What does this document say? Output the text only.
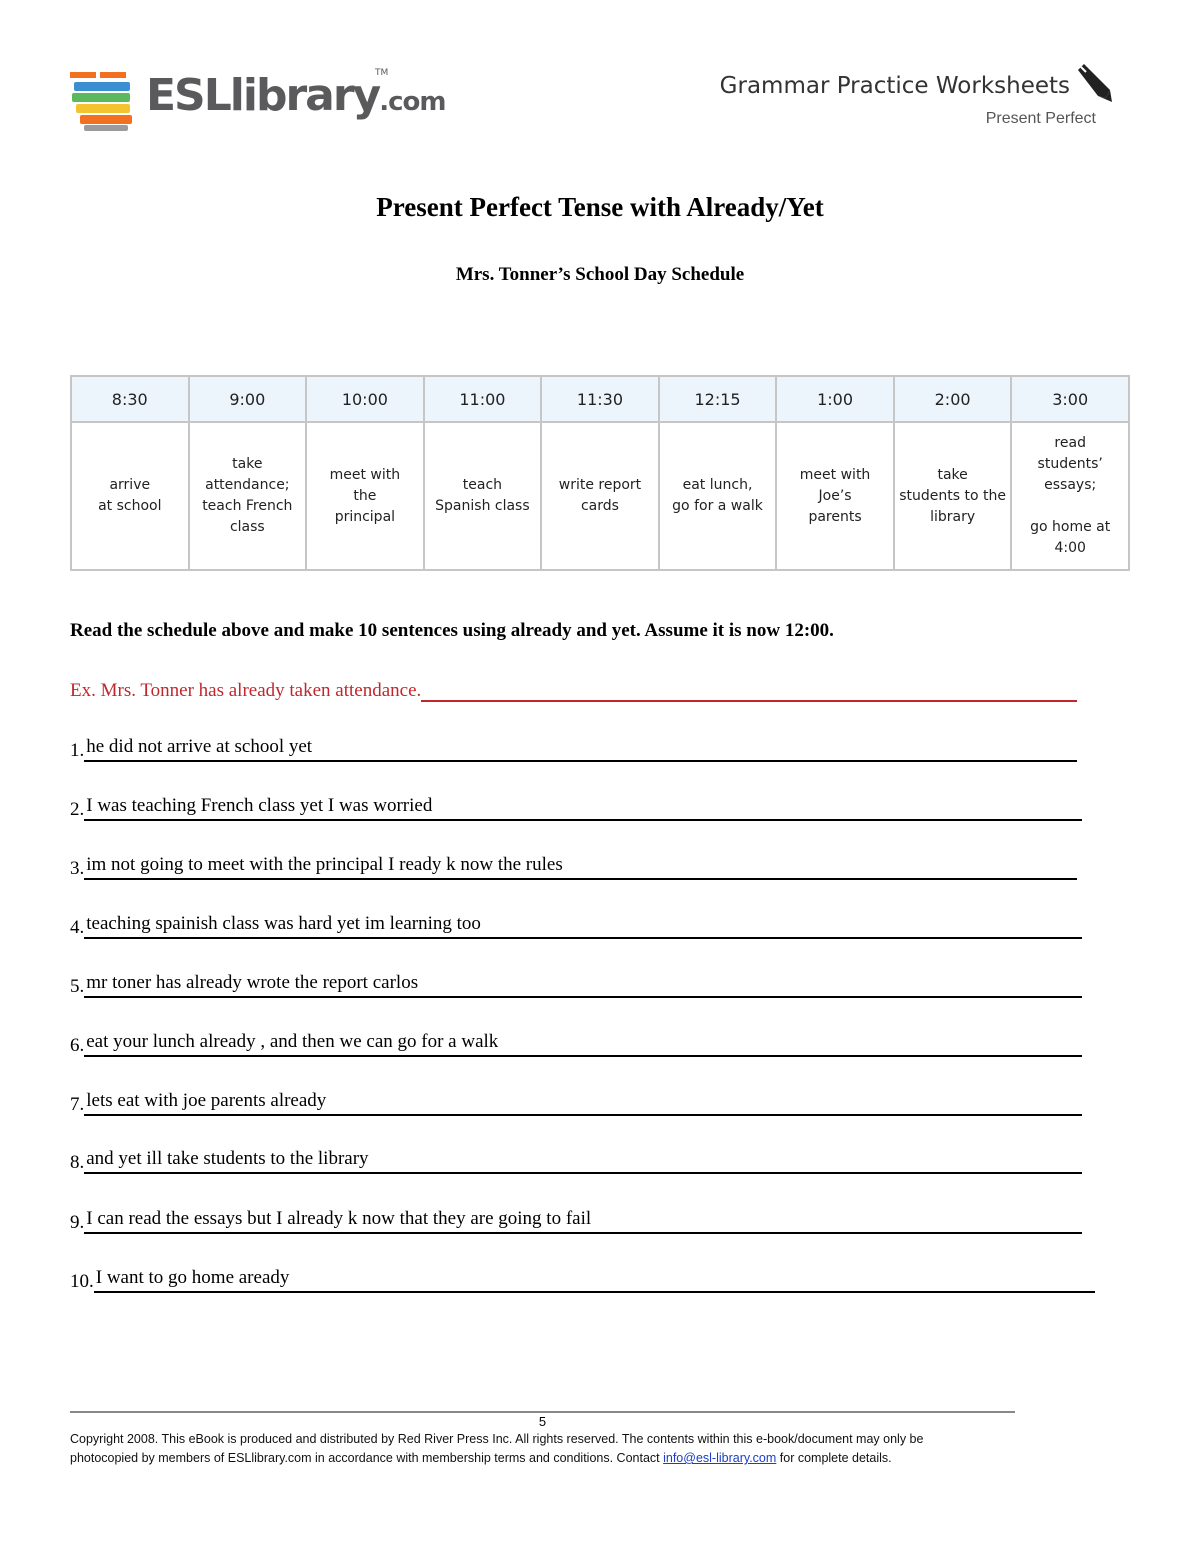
ESLlibrary.com
TM	Grammar Practice Worksheets
Present Perfect
Present Perfect Tense with Already/Yet
Mrs. Tonner’s School Day Schedule
8:30	9:00	10:00	11:00	11:30	12:15	1:00	2:00	3:00
arrive
at school	take
attendance;
teach French
class	meet with
the
principal	teach
Spanish class	write report
cards	eat lunch,
go for a walk	meet with
Joe’s
parents	take
students to the
library	read
students’
essays;

go home at
4:00
Read the schedule above and make 10 sentences using already and yet. Assume it is now 12:00.
Ex. Mrs. Tonner has already taken attendance.
1. he did not arrive at school yet
2. I was teaching French class yet I was worried
3. im not going to meet with the principal I ready k now the rules
4. teaching spainish class was hard yet im learning too
5. mr toner has already wrote the report carlos
6. eat your lunch already , and then we can go for a walk
7. lets eat with joe parents already
8. and yet ill take students to the library
9. I can read the essays but I already k now that they are going to fail
10. I want to go home aready
5
Copyright 2008. This eBook is produced and distributed by Red River Press Inc. All rights reserved. The contents within this e-book/document may only be
photocopied by members of ESLlibrary.com in accordance with membership terms and conditions. Contact info@esl-library.com for complete details.
